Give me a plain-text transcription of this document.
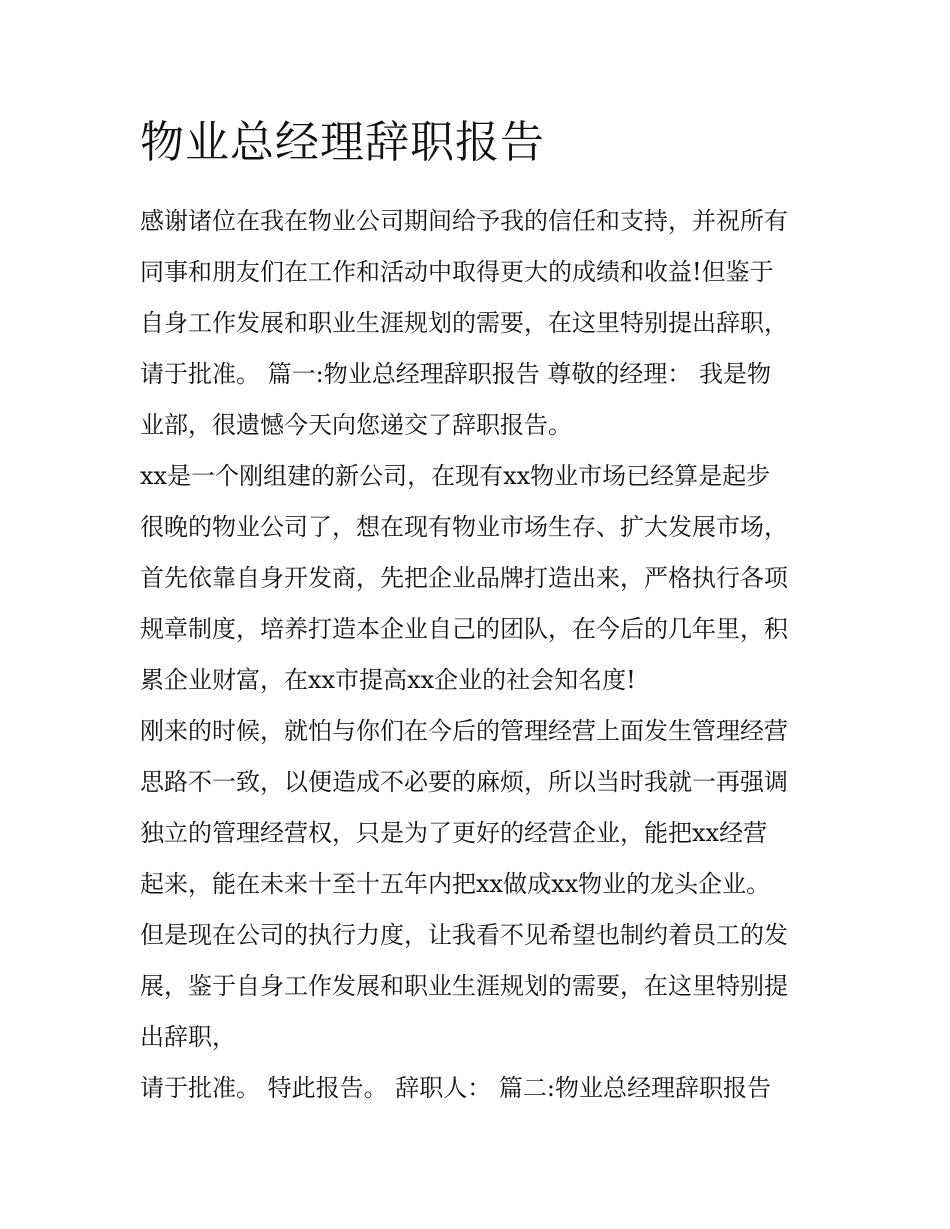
物业总经理辞职报告

感谢诸位在我在物业公司期间给予我的信任和支持，并祝所有
同事和朋友们在工作和活动中取得更大的成绩和收益!但鉴于
自身工作发展和职业生涯规划的需要，在这里特别提出辞职，
请于批准。 篇一:物业总经理辞职报告 尊敬的经理： 我是物
业部，很遗憾今天向您递交了辞职报告。

xx是一个刚组建的新公司，在现有xx物业市场已经算是起步
很晚的物业公司了，想在现有物业市场生存、扩大发展市场，
首先依靠自身开发商，先把企业品牌打造出来，严格执行各项
规章制度，培养打造本企业自己的团队，在今后的几年里，积
累企业财富，在xx市提高xx企业的社会知名度!

刚来的时候，就怕与你们在今后的管理经营上面发生管理经营
思路不一致，以便造成不必要的麻烦，所以当时我就一再强调
独立的管理经营权，只是为了更好的经营企业，能把xx经营
起来，能在未来十至十五年内把xx做成xx物业的龙头企业。
但是现在公司的执行力度，让我看不见希望也制约着员工的发
展，鉴于自身工作发展和职业生涯规划的需要，在这里特别提
出辞职，

请于批准。 特此报告。 辞职人： 篇二:物业总经理辞职报告
